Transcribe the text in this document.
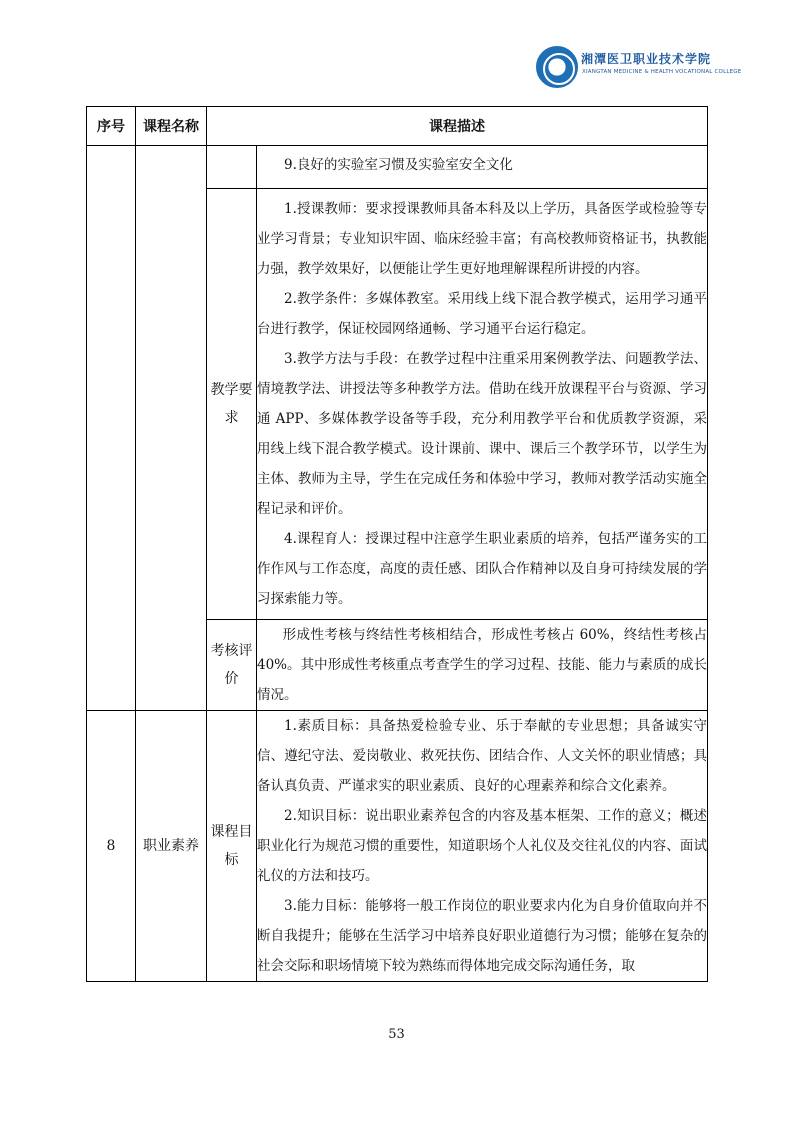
湘潭医卫职业技术学院
XIANGTAN MEDICINE & HEALTH VOCATIONAL COLLEGE
序号	课程名称	课程描述	

			9.良好的实验室习惯及实验室安全文化

		教学要求	1.授课教师：要求授课教师具备本科及以上学历，具备医学或检验等专业学习背景；专业知识牢固、临床经验丰富；有高校教师资格证书，执教能力强，教学效果好，以便能让学生更好地理解课程所讲授的内容。

2.教学条件：多媒体教室。采用线上线下混合教学模式，运用学习通平台进行教学，保证校园网络通畅、学习通平台运行稳定。

3.教学方法与手段：在教学过程中注重采用案例教学法、问题教学法、情境教学法、讲授法等多种教学方法。借助在线开放课程平台与资源、学习通 APP、多媒体教学设备等手段，充分利用教学平台和优质教学资源，采用线上线下混合教学模式。设计课前、课中、课后三个教学环节，以学生为主体、教师为主导，学生在完成任务和体验中学习，教师对教学活动实施全程记录和评价。

4.课程育人：授课过程中注意学生职业素质的培养，包括严谨务实的工作作风与工作态度，高度的责任感、团队合作精神以及自身可持续发展的学习探索能力等。

		考核评价	形成性考核与终结性考核相结合，形成性考核占 60%，终结性考核占 40%。其中形成性考核重点考查学生的学习过程、技能、能力与素质的成长情况。

8	职业素养	课程目标	1.素质目标：具备热爱检验专业、乐于奉献的专业思想；具备诚实守信、遵纪守法、爱岗敬业、救死扶伤、团结合作、人文关怀的职业情感；具备认真负责、严谨求实的职业素质、良好的心理素养和综合文化素养。

2.知识目标：说出职业素养包含的内容及基本框架、工作的意义；概述职业化行为规范习惯的重要性，知道职场个人礼仪及交往礼仪的内容、面试礼仪的方法和技巧。

3.能力目标：能够将一般工作岗位的职业要求内化为自身价值取向并不断自我提升；能够在生活学习中培养良好职业道德行为习惯；能够在复杂的社会交际和职场情境下较为熟练而得体地完成交际沟通任务，取

53
